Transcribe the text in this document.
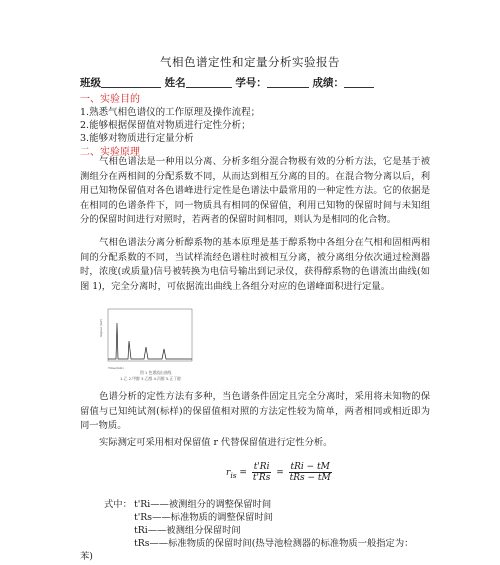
气相色谱定性和定量分析实验报告
班级	姓名	学号：	成绩：
一、实验目的
1.熟悉气相色谱仪的工作原理及操作流程；
2.能够根据保留值对物质进行定性分析；
3.能够对物质进行定量分析
二、实验原理
气相色谱法是一种用以分离、分析多组分混合物极有效的分析方法，它是基于被测组分在两相间的分配系数不同，从而达到相互分离的目的。在混合物分离以后，利用已知物保留值对各色谱峰进行定性是色谱法中最常用的一种定性方法。它的依据是在相同的色谱条件下，同一物质具有相同的保留值，利用已知物的保留时间与未知组分的保留时间进行对照时，若两者的保留时间相同，则认为是相同的化合物。
气相色谱法分离分析醇系物的基本原理是基于醇系物中各组分在气相和固相两相间的分配系数的不同，当试样流经色谱柱时被相互分离，被分离组分依次通过检测器时，浓度(或质量)信号被转换为电信号输出到记录仪，获得醇系物的色谱流出曲线(如图 1)，完全分离时，可依据流出曲线上各组分对应的色谱峰面积进行定量。
Signal (mV)
Time(min)
图 1 色谱流出曲线
1.乙 2.甲醇 3.乙醇 4.丙醇 5.正丁醇
色谱分析的定性方法有多种，当色谱条件固定且完全分离时，采用将未知物的保留值与已知纯试剂(标样)的保留值相对照的方法定性较为简单，两者相同或相近即为同一物质。
实际测定可采用相对保留值 r 代替保留值进行定性分析。
$r_{is} = \frac{t'Ri}{t'Rs} = \frac{\text{tRi − tM}}{\text{tRs − tM}}$
式中： t'Ri——被测组分的调整保留时间
t'Rs——标准物质的调整保留时间
tRi——被测组分保留时间
tRs——标准物质的保留时间(热导池检测器的标准物质一般指定为：
苯)
